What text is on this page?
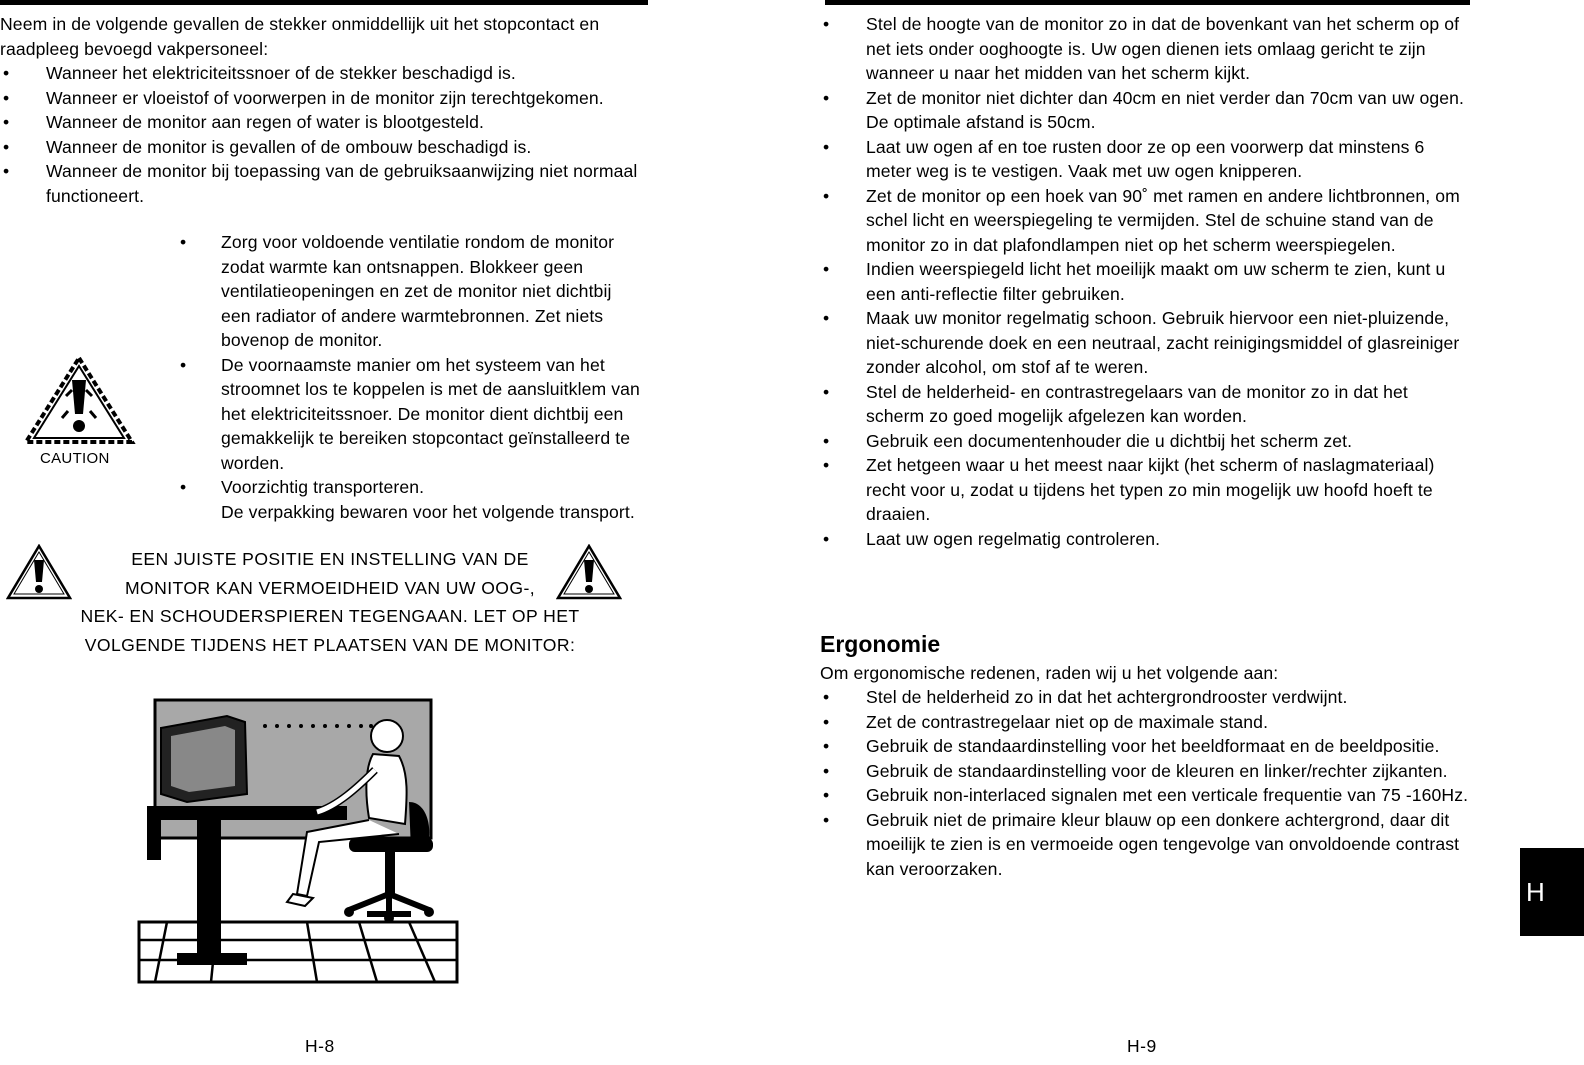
Neem in de volgende gevallen de stekker onmiddellijk uit het stopcontact en raadpleeg bevoegd vakpersoneel:
• Wanneer het elektriciteitssnoer of de stekker beschadigd is.
• Wanneer er vloeistof of voorwerpen in de monitor zijn terechtgekomen.
• Wanneer de monitor aan regen of water is blootgesteld.
• Wanneer de monitor is gevallen of de ombouw beschadigd is.
• Wanneer de monitor bij toepassing van de gebruiksaanwijzing niet normaal functioneert.
• Zorg voor voldoende ventilatie rondom de monitor zodat warmte kan ontsnappen. Blokkeer geen ventilatieopeningen en zet de monitor niet dichtbij een radiator of andere warmtebronnen. Zet niets bovenop de monitor.
• De voornaamste manier om het systeem van het stroomnet los te koppelen is met de aansluitklem van het elektriciteitssnoer. De monitor dient dichtbij een gemakkelijk te bereiken stopcontact geïnstalleerd te worden.
• Voorzichtig transporteren.
De verpakking bewaren voor het volgende transport.
CAUTION
EEN JUISTE POSITIE EN INSTELLING VAN DE
MONITOR KAN VERMOEIDHEID VAN UW OOG-,
NEK- EN SCHOUDERSPIEREN TEGENGAAN. LET OP HET
VOLGENDE TIJDENS HET PLAATSEN VAN DE MONITOR:
H-8
• Stel de hoogte van de monitor zo in dat de bovenkant van het scherm op of net iets onder ooghoogte is. Uw ogen dienen iets omlaag gericht te zijn wanneer u naar het midden van het scherm kijkt.
• Zet de monitor niet dichter dan 40cm en niet verder dan 70cm van uw ogen. De optimale afstand is 50cm.
• Laat uw ogen af en toe rusten door ze op een voorwerp dat minstens 6 meter weg is te vestigen. Vaak met uw ogen knipperen.
• Zet de monitor op een hoek van 90˚ met ramen en andere lichtbronnen, om schel licht en weerspiegeling te vermijden. Stel de schuine stand van de monitor zo in dat plafondlampen niet op het scherm weerspiegelen.
• Indien weerspiegeld licht het moeilijk maakt om uw scherm te zien, kunt u een anti-reflectie filter gebruiken.
• Maak uw monitor regelmatig schoon. Gebruik hiervoor een niet-pluizende, niet-schurende doek en een neutraal, zacht reinigingsmiddel of glasreiniger zonder alcohol, om stof af te weren.
• Stel de helderheid- en contrastregelaars van de monitor zo in dat het scherm zo goed mogelijk afgelezen kan worden.
• Gebruik een documentenhouder die u dichtbij het scherm zet.
• Zet hetgeen waar u het meest naar kijkt (het scherm of naslagmateriaal) recht voor u, zodat u tijdens het typen zo min mogelijk uw hoofd hoeft te draaien.
• Laat uw ogen regelmatig controleren.
Ergonomie
Om ergonomische redenen, raden wij u het volgende aan:
• Stel de helderheid zo in dat het achtergrondrooster verdwijnt.
• Zet de contrastregelaar niet op de maximale stand.
• Gebruik de standaardinstelling voor het beeldformaat en de beeldpositie.
• Gebruik de standaardinstelling voor de kleuren en linker/rechter zijkanten.
• Gebruik non-interlaced signalen met een verticale frequentie van 75 -160Hz.
• Gebruik niet de primaire kleur blauw op een donkere achtergrond, daar dit moeilijk te zien is en vermoeide ogen tengevolge van onvoldoende contrast kan veroorzaken.
H-9
H
